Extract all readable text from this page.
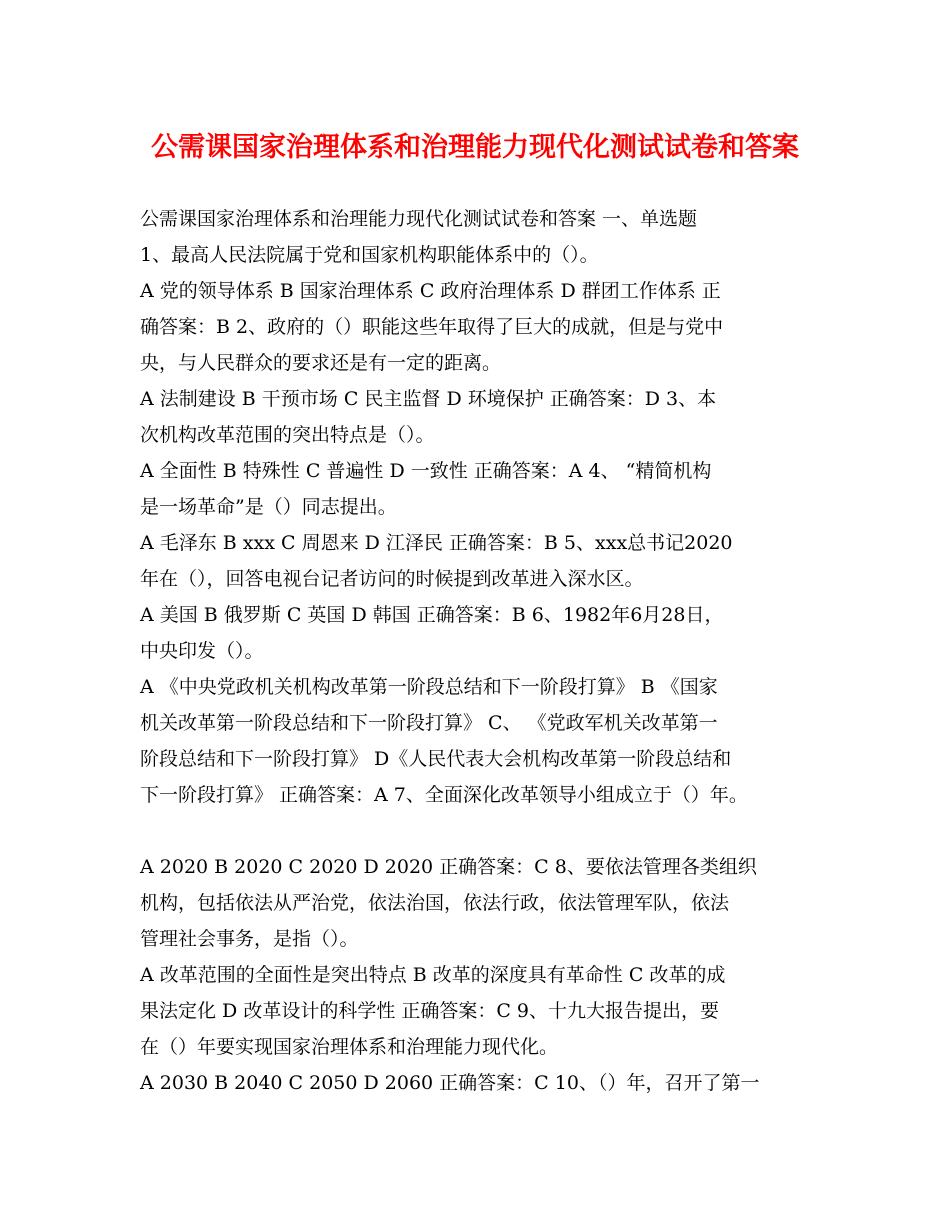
公需课国家治理体系和治理能力现代化测试试卷和答案
公需课国家治理体系和治理能力现代化测试试卷和答案 一、单选题
1、最高人民法院属于党和国家机构职能体系中的（）。
A 党的领导体系 B 国家治理体系 C 政府治理体系 D 群团工作体系 正
确答案：B 2、政府的（）职能这些年取得了巨大的成就，但是与党中
央，与人民群众的要求还是有一定的距离。
A 法制建设 B 干预市场 C 民主监督 D 环境保护 正确答案：D 3、本
次机构改革范围的突出特点是（）。
A 全面性 B 特殊性 C 普遍性 D 一致性 正确答案：A 4、 “精简机构
是一场革命”是（）同志提出。
A 毛泽东 B xxx C 周恩来 D 江泽民 正确答案：B 5、xxx总书记2020
年在（），回答电视台记者访问的时候提到改革进入深水区。
A 美国 B 俄罗斯 C 英国 D 韩国 正确答案：B 6、1982年6月28日，
中央印发（）。
A 《中央党政机关机构改革第一阶段总结和下一阶段打算》 B 《国家
机关改革第一阶段总结和下一阶段打算》 C、 《党政军机关改革第一
阶段总结和下一阶段打算》 D《人民代表大会机构改革第一阶段总结和
下一阶段打算》 正确答案：A 7、全面深化改革领导小组成立于（）年。
A 2020 B 2020 C 2020 D 2020 正确答案：C 8、要依法管理各类组织
机构，包括依法从严治党，依法治国，依法行政，依法管理军队，依法
管理社会事务，是指（）。
A 改革范围的全面性是突出特点 B 改革的深度具有革命性 C 改革的成
果法定化 D 改革设计的科学性 正确答案：C 9、十九大报告提出，要
在（）年要实现国家治理体系和治理能力现代化。
A 2030 B 2040 C 2050 D 2060 正确答案：C 10、（）年，召开了第一
